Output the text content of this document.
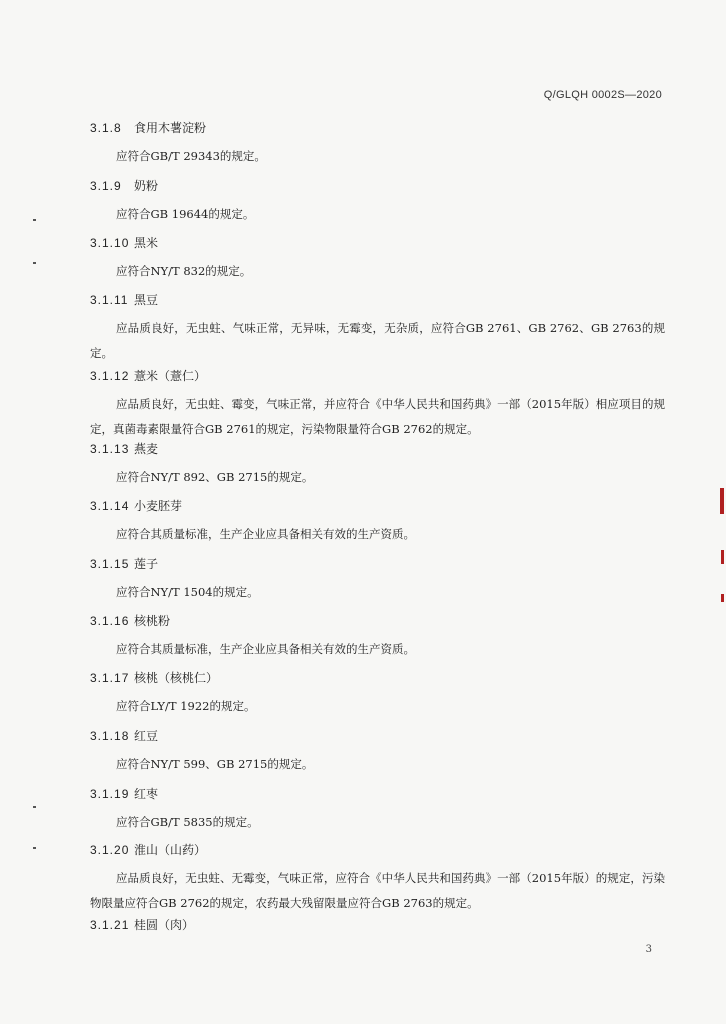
Q/GLQH 0002S—2020
3.1.8 食用木薯淀粉
应符合GB/T 29343的规定。
3.1.9 奶粉
应符合GB 19644的规定。
3.1.10 黑米
应符合NY/T 832的规定。
3.1.11 黑豆
应品质良好，无虫蛀、气味正常，无异味，无霉变，无杂质，应符合GB 2761、GB 2762、GB 2763的规定。
3.1.12 薏米（薏仁）
应品质良好，无虫蛀、霉变，气味正常，并应符合《中华人民共和国药典》一部（2015年版）相应项目的规定，真菌毒素限量符合GB 2761的规定，污染物限量符合GB 2762的规定。
3.1.13 燕麦
应符合NY/T 892、GB 2715的规定。
3.1.14 小麦胚芽
应符合其质量标准，生产企业应具备相关有效的生产资质。
3.1.15 莲子
应符合NY/T 1504的规定。
3.1.16 核桃粉
应符合其质量标准，生产企业应具备相关有效的生产资质。
3.1.17 核桃（核桃仁）
应符合LY/T 1922的规定。
3.1.18 红豆
应符合NY/T 599、GB 2715的规定。
3.1.19 红枣
应符合GB/T 5835的规定。
3.1.20 淮山（山药）
应品质良好，无虫蛀、无霉变，气味正常，应符合《中华人民共和国药典》一部（2015年版）的规定，污染物限量应符合GB 2762的规定，农药最大残留限量应符合GB 2763的规定。
3.1.21 桂圆（肉）
3
